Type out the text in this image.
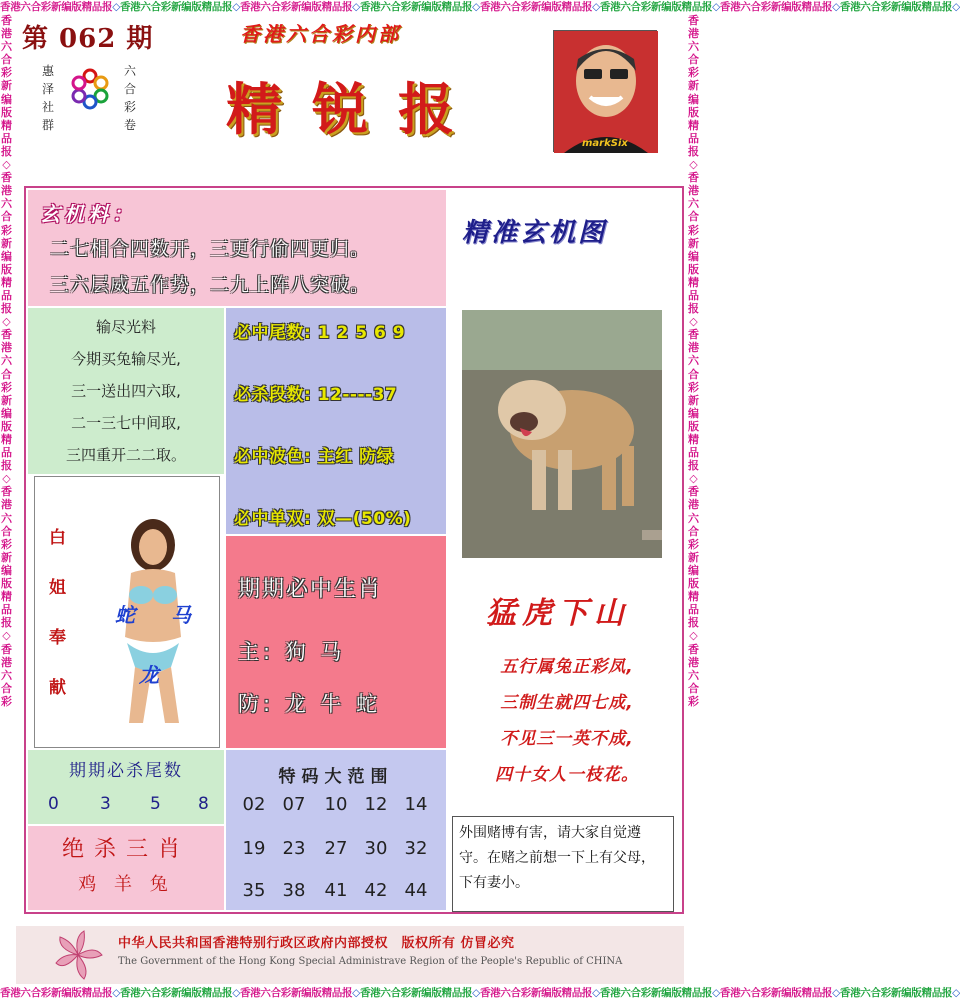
香港六合彩新编版精品报◇香港六合彩新编版精品报◇香港六合彩新编版精品报◇香港六合彩新编版精品报◇香港六合彩新编版精品报◇香港六合彩新编版精品报◇香港六合彩新编版精品报◇香港六合彩新编版精品报◇
香港六合彩新编版精品报◇香港六合彩新编版精品报◇香港六合彩新编版精品报◇香港六合彩新编版精品报◇香港六合彩新编版精品报◇香港六合彩新编版精品报◇香港六合彩新编版精品报◇香港六合彩新编版精品报◇
香港六合彩新编版精品报◇香港六合彩新编版精品报◇香港六合彩新编版精品报◇香港六合彩新编版精品报◇香港六合彩
香港六合彩新编版精品报◇香港六合彩新编版精品报◇香港六合彩新编版精品报◇香港六合彩新编版精品报◇香港六合彩
第 062 期
惠泽社群
六合彩卷
香港六合彩内部
精锐报
markSix
玄机料：
二七相合四数开，三更行偷四更归。
三六层威五作势，二九上阵八突破。
输尽光料
今期买兔输尽光,
三一送出四六取,
二一三七中间取,
三四重开二二取。
必中尾数: 1 2 5 6 9
必杀段数: 12----37
必中波色: 主红 防绿
必中单双: 双—(50%)
白
姐
奉
献
蛇 马
龙
期期必中生肖
主: 狗 马
防: 龙 牛 蛇
期期必杀尾数
0 3 5 8
绝杀三肖
鸡 羊 兔
特码大范围
02 07	10 12 14
19 23	27 30 32
35 38	41 42 44
精准玄机图
猛虎下山
五行属兔正彩凤,
三制生就四七成,
不见三一英不成,
四十女人一枝花。
外围赌博有害，请大家自觉遵守。在赌之前想一下上有父母，下有妻小。
中华人民共和国香港特别行政区政府内部授权　版权所有 仿冒必究
The Government of the Hong Kong Special Administrave Region of the People's Republic of CHINA
